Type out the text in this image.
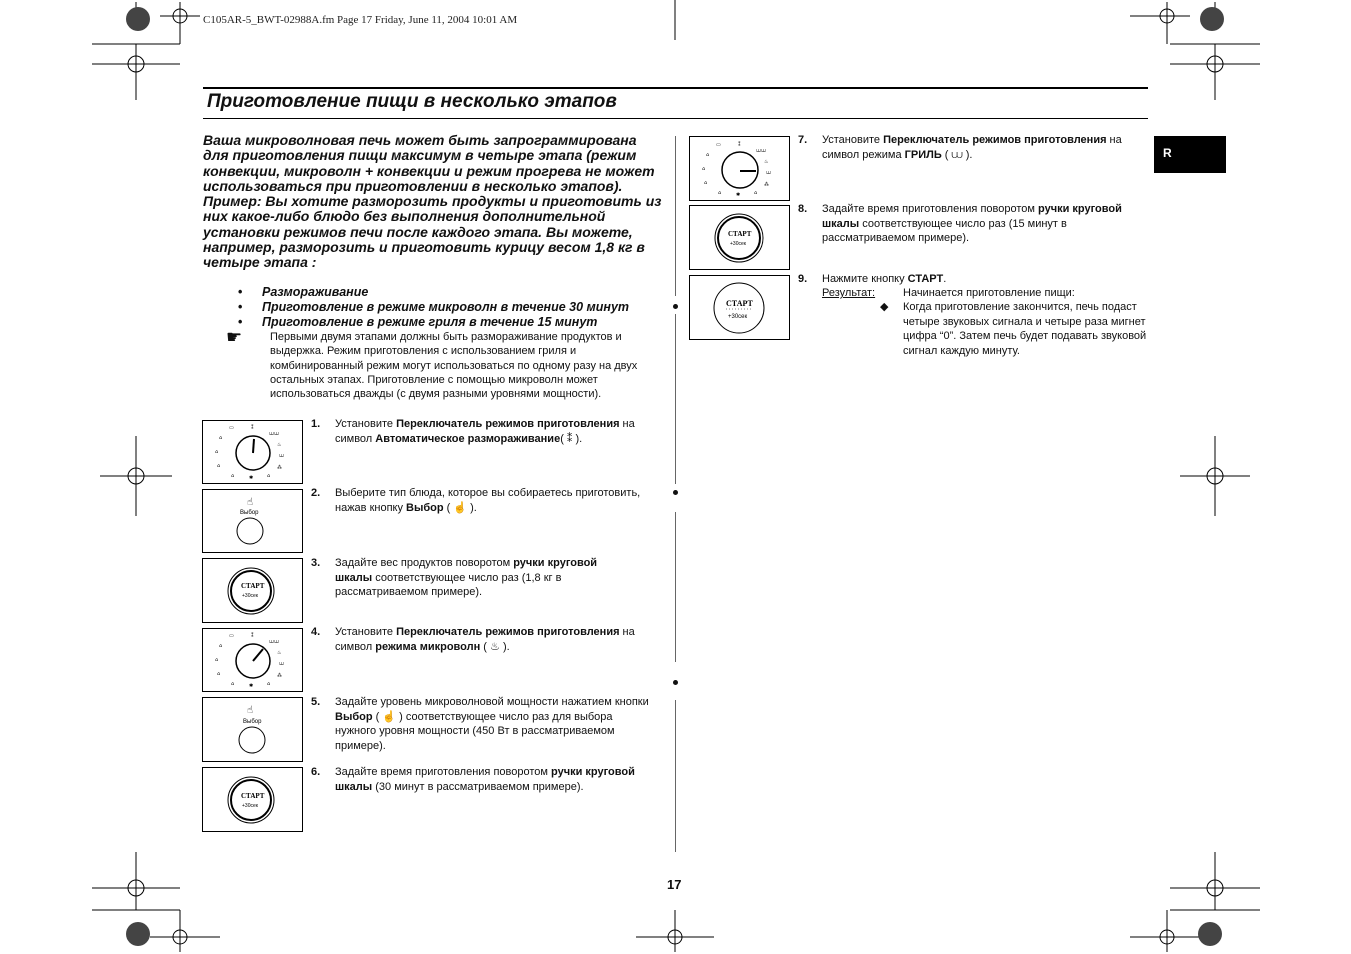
C105AR-5_BWT-02988A.fm Page 17 Friday, June 11, 2004 10:01 AM
Приготовление пищи в несколько этапов
R
Ваша микроволновая печь может быть запрограммирована для приготовления пищи максимум в четыре этапа (режим конвекции, микроволн + конвекции и режим прогрева не может использоваться при приготовлении в несколько этапов). Пример: Вы хотите разморозить продукты и приготовить из них какое-либо блюдо без выполнения дополнительной установки режимов печи после каждого этапа. Вы можете, например, разморозить и приготовить курицу весом 1,8 кг в четыре этапа :
• Размораживание
• Приготовление в режиме микроволн в течение 30 минут
• Приготовление в режиме гриля в течение 15 минут
☛	Первыми двумя этапами должны быть размораживание продуктов и выдержка. Режим приготовления с использованием гриля и комбинированный режим могут использоваться по одному разу на двух остальных этапах. Приготовление с помощью микроволн может использоваться дважды (с двумя разными уровнями мощности).
▭	⁑
⩊⩊
⌂
♨
⌂
⩊
⌂	⁂
⌂	✱	⌂
☝
Выбор
СТАРТ
+30сек
▭	⁑
⩊⩊
⌂
♨
⌂
⩊
⌂	⁂
⌂	✱	⌂
☝
Выбор
СТАРТ
+30сек
▭	⁑
⩊⩊
⌂
♨
⌂
⩊
⌂	⁂
⌂	✱	⌂
СТАРТ
+30сек
СТАРТ
+30сек
1. Установите Переключатель режимов приготовления на символ Автоматическое размораживание( ⁑ ).
2. Выберите тип блюда, которое вы собираетесь приготовить, нажав кнопку Выбор ( ☝ ).
3. Задайте вес продуктов поворотом ручки круговой шкалы соответствующее число раз (1,8 кг в рассматриваемом примере).
4. Установите Переключатель режимов приготовления на символ режима микроволн ( ♨ ).
5. Задайте уровень микроволновой мощности нажатием кнопки Выбор ( ☝ ) соответствующее число раз для выбора нужного уровня мощности (450 Вт в рассматриваемом примере).
6. Задайте время приготовления поворотом ручки круговой шкалы (30 минут в рассматриваемом примере).
7. Установите Переключатель режимов приготовления на символ режима ГРИЛЬ ( ⩊ ).
8. Задайте время приготовления поворотом ручки круговой шкалы соответствующее число раз (15 минут в рассматриваемом примере).
9. Нажмите кнопку СТАРТ.
Результат:	Начинается приготовление пищи:
◆	Когда приготовление закончится, печь подаст четыре звуковых сигнала и четыре раза мигнет цифра “0”. Затем печь будет подавать звуковой сигнал каждую минуту.
17
